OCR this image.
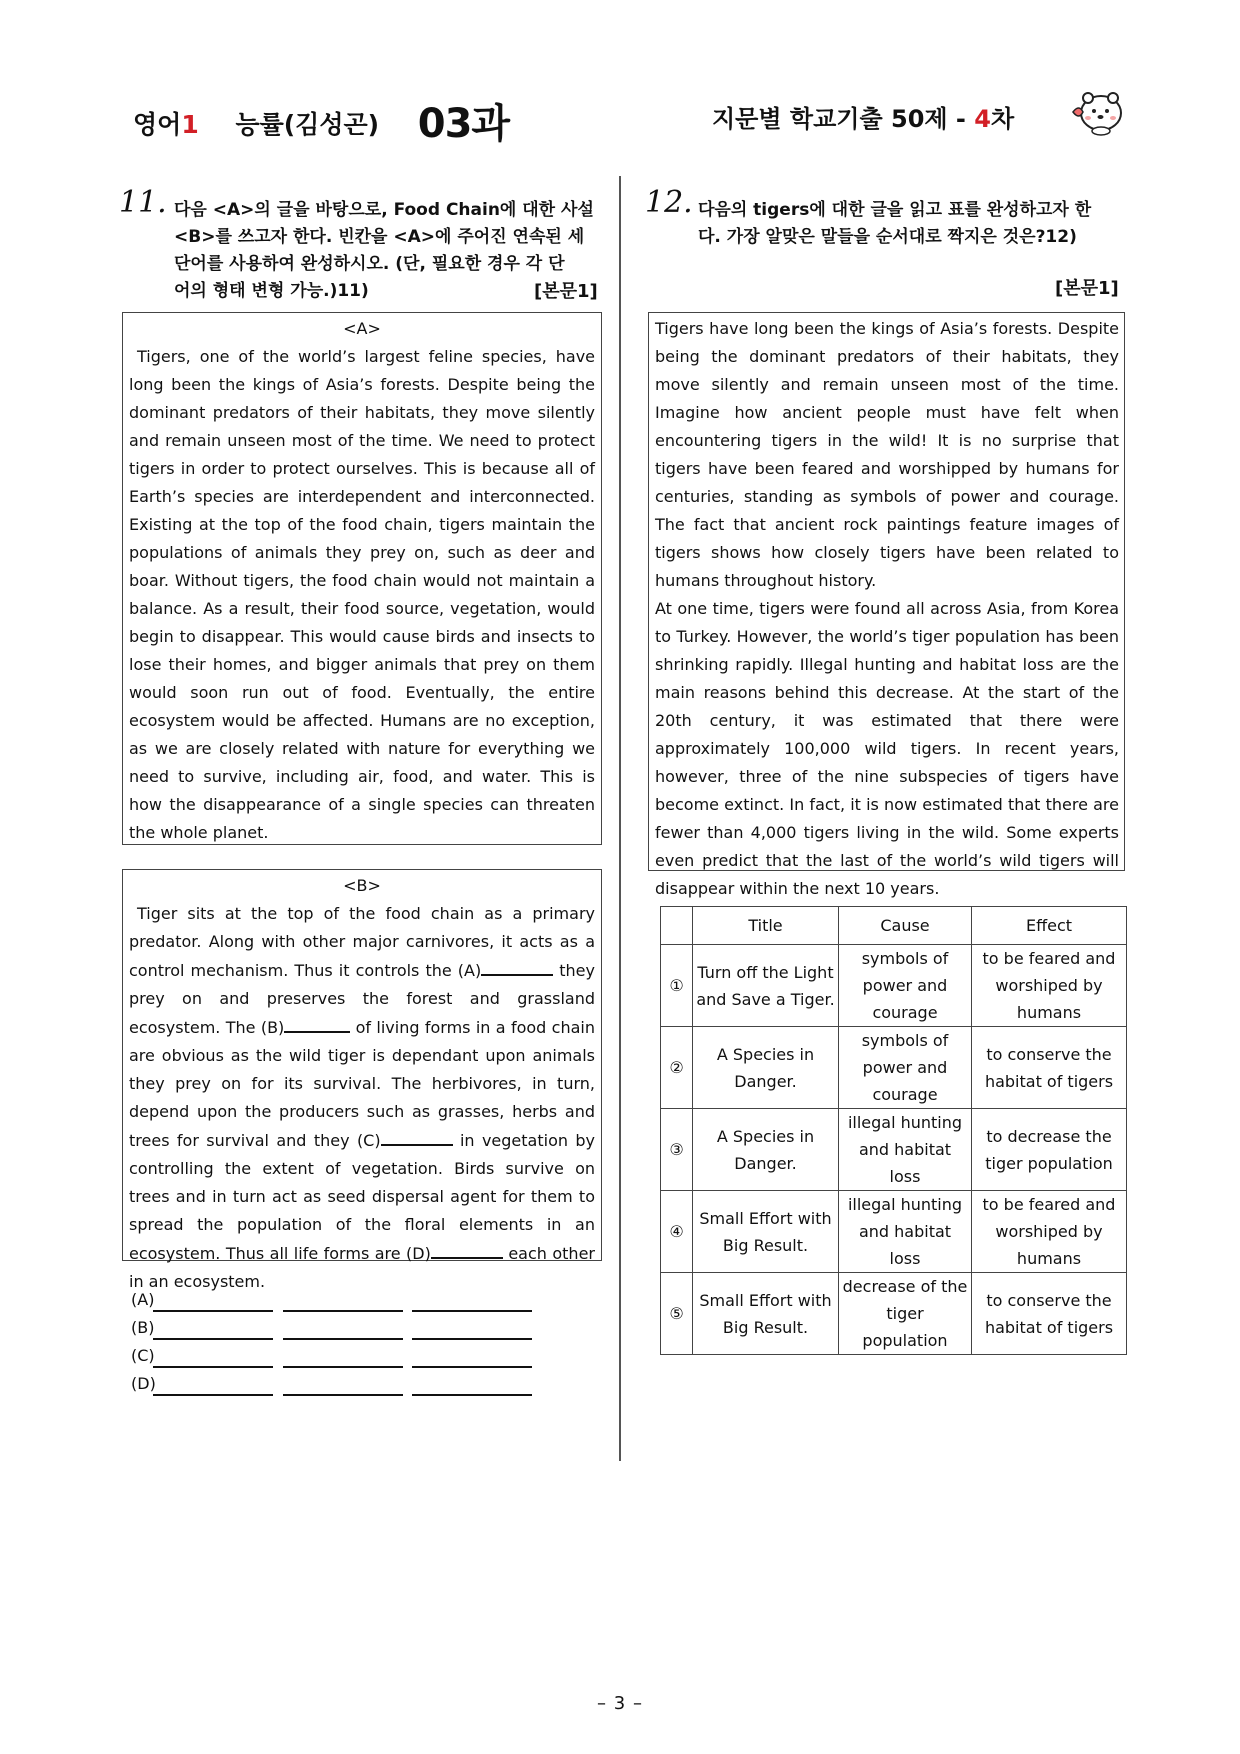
영어1 능률(김성곤) 03과	지문별 학교기출 50제 - 4차
11. 다음 <A>의 글을 바탕으로, Food Chain에 대한 사설
<B>를 쓰고자 한다. 빈칸을 <A>에 주어진 연속된 세
단어를 사용하여 완성하시오. (단, 필요한 경우 각 단
어의 형태 변형 가능.)11)	[본문1]
<A>

Tigers, one of the world’s largest feline species, have long been the kings of Asia’s forests. Despite being the dominant predators of their habitats, they move silently and remain unseen most of the time. We need to protect tigers in order to protect ourselves. This is because all of Earth’s species are interdependent and interconnected. Existing at the top of the food chain, tigers maintain the populations of animals they prey on, such as deer and boar. Without tigers, the food chain would not maintain a balance. As a result, their food source, vegetation, would begin to disappear. This would cause birds and insects to lose their homes, and bigger animals that prey on them would soon run out of food. Eventually, the entire ecosystem would be affected. Humans are no exception, as we are closely related with nature for everything we need to survive, including air, food, and water. This is how the disappearance of a single species can threaten the whole planet.

<B>

Tiger sits at the top of the food chain as a primary predator. Along with other major carnivores, it acts as a control mechanism. Thus it controls the (A)	they prey on and preserves the forest and grassland ecosystem. The (B)	of living forms in a food chain are obvious as the wild tiger is dependant upon animals they prey on for its survival. The herbivores, in turn, depend upon the producers such as grasses, herbs and trees for survival and they (C)	in vegetation by controlling the extent of vegetation. Birds survive on trees and in turn act as seed dispersal agent for them to spread the population of the floral elements in an ecosystem. Thus all life forms are (D)	each other in an ecosystem.

(A)
(B)
(C)
(D)
12. 다음의 tigers에 대한 글을 읽고 표를 완성하고자 한
다. 가장 알맞은 말들을 순서대로 짝지은 것은?12)
[본문1]

Tigers have long been the kings of Asia’s forests. Despite being the dominant predators of their habitats, they move silently and remain unseen most of the time. Imagine how ancient people must have felt when encountering tigers in the wild! It is no surprise that tigers have been feared and worshipped by humans for centuries, standing as symbols of power and courage. The fact that ancient rock paintings feature images of tigers shows how closely tigers have been related to humans throughout history.

At one time, tigers were found all across Asia, from Korea to Turkey. However, the world’s tiger population has been shrinking rapidly. Illegal hunting and habitat loss are the main reasons behind this decrease. At the start of the 20th century, it was estimated that there were approximately 100,000 wild tigers. In recent years, however, three of the nine subspecies of tigers have become extinct. In fact, it is now estimated that there are fewer than 4,000 tigers living in the wild. Some experts even predict that the last of the world’s wild tigers will disappear within the next 10 years.

	Title	Cause	Effect
①	Turn off the Light and Save a Tiger.	symbols of power and courage	to be feared and worshiped by humans
②	A Species in Danger.	symbols of power and courage	to conserve the habitat of tigers
③	A Species in Danger.	illegal hunting and habitat loss	to decrease the tiger population
④	Small Effort with Big Result.	illegal hunting and habitat loss	to be feared and worshiped by humans
⑤	Small Effort with Big Result.	decrease of the tiger population	to conserve the habitat of tigers
– 3 –
